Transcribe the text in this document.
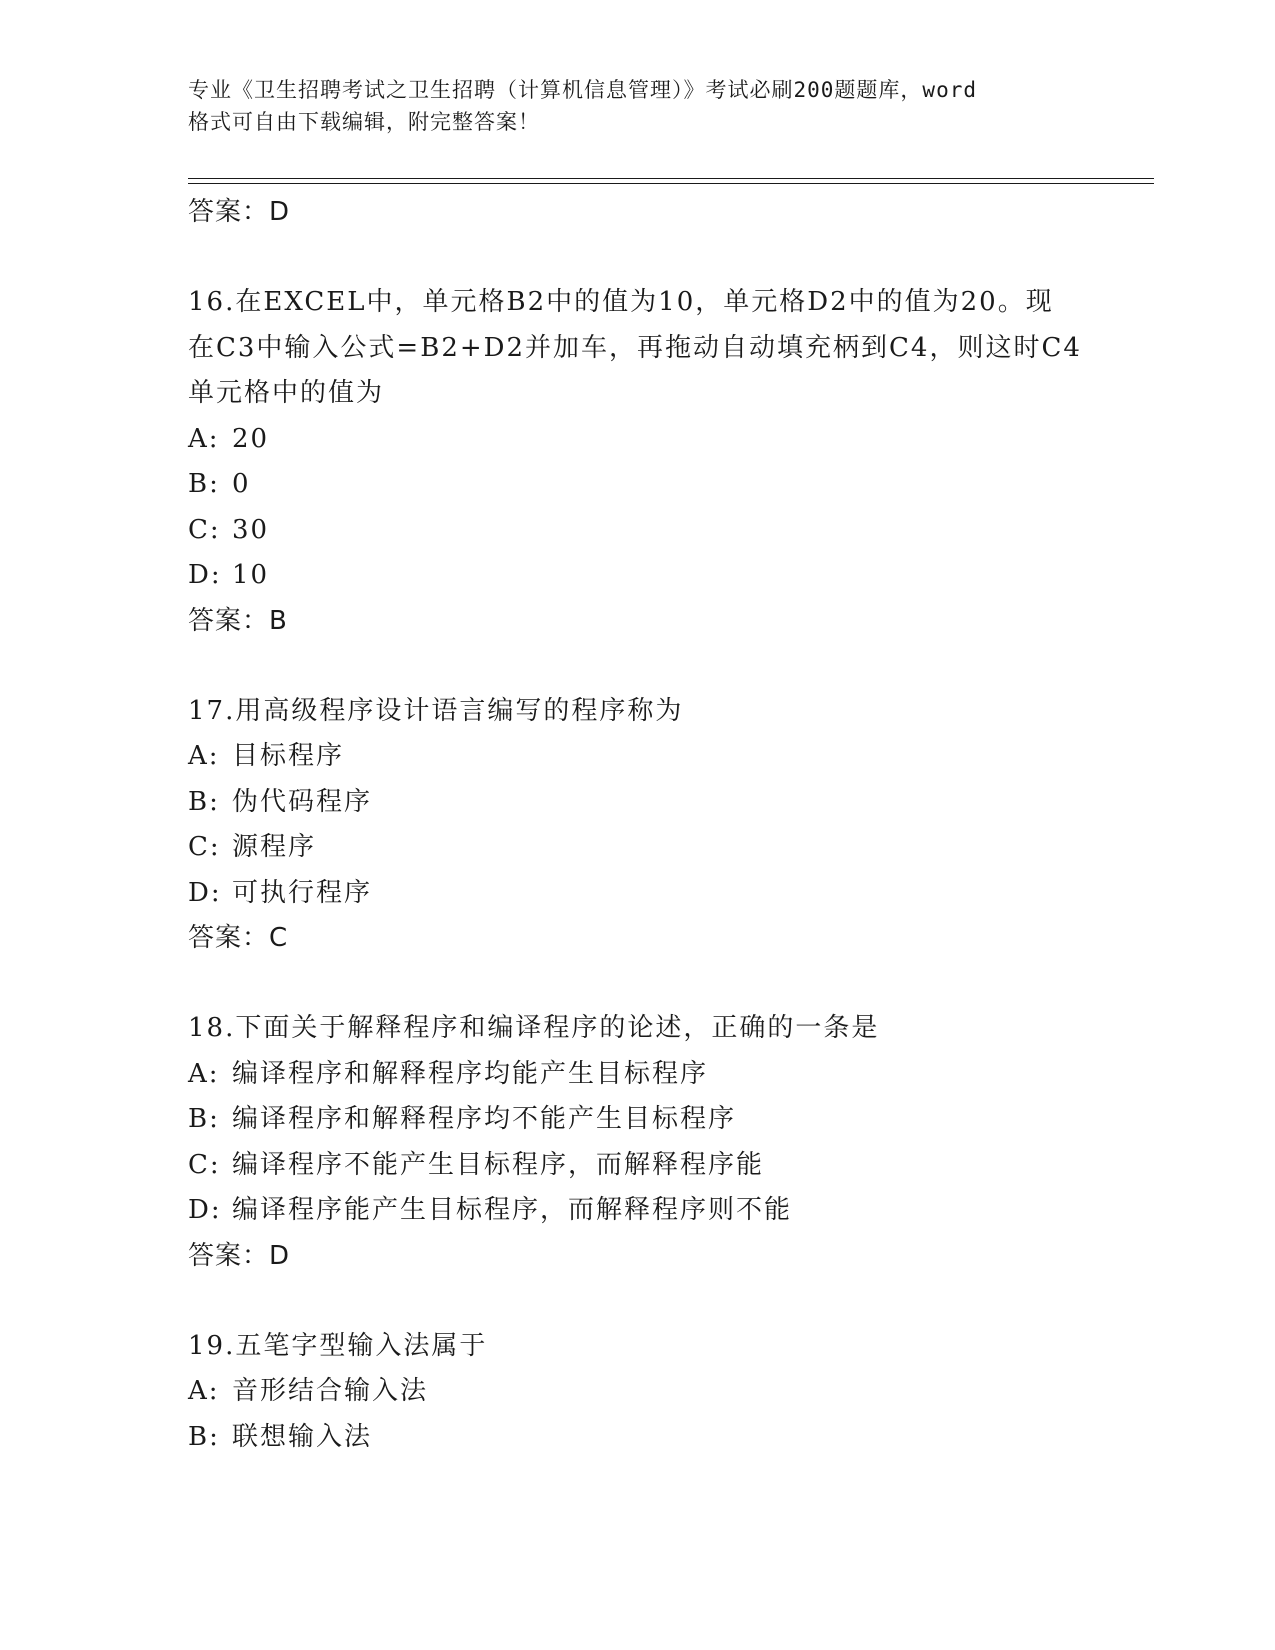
专业《卫生招聘考试之卫生招聘（计算机信息管理）》考试必刷200题题库，word
格式可自由下载编辑，附完整答案！
答案：D
16.在EXCEL中，单元格B2中的值为10，单元格D2中的值为20。现
在C3中输入公式=B2+D2并加车，再拖动自动填充柄到C4，则这时C4
单元格中的值为
A: 20
B: 0
C: 30
D: 10
答案：B
17.用高级程序设计语言编写的程序称为
A: 目标程序
B: 伪代码程序
C: 源程序
D: 可执行程序
答案：C
18.下面关于解释程序和编译程序的论述，正确的一条是
A: 编译程序和解释程序均能产生目标程序
B: 编译程序和解释程序均不能产生目标程序
C: 编译程序不能产生目标程序，而解释程序能
D: 编译程序能产生目标程序，而解释程序则不能
答案：D
19.五笔字型输入法属于
A: 音形结合输入法
B: 联想输入法
